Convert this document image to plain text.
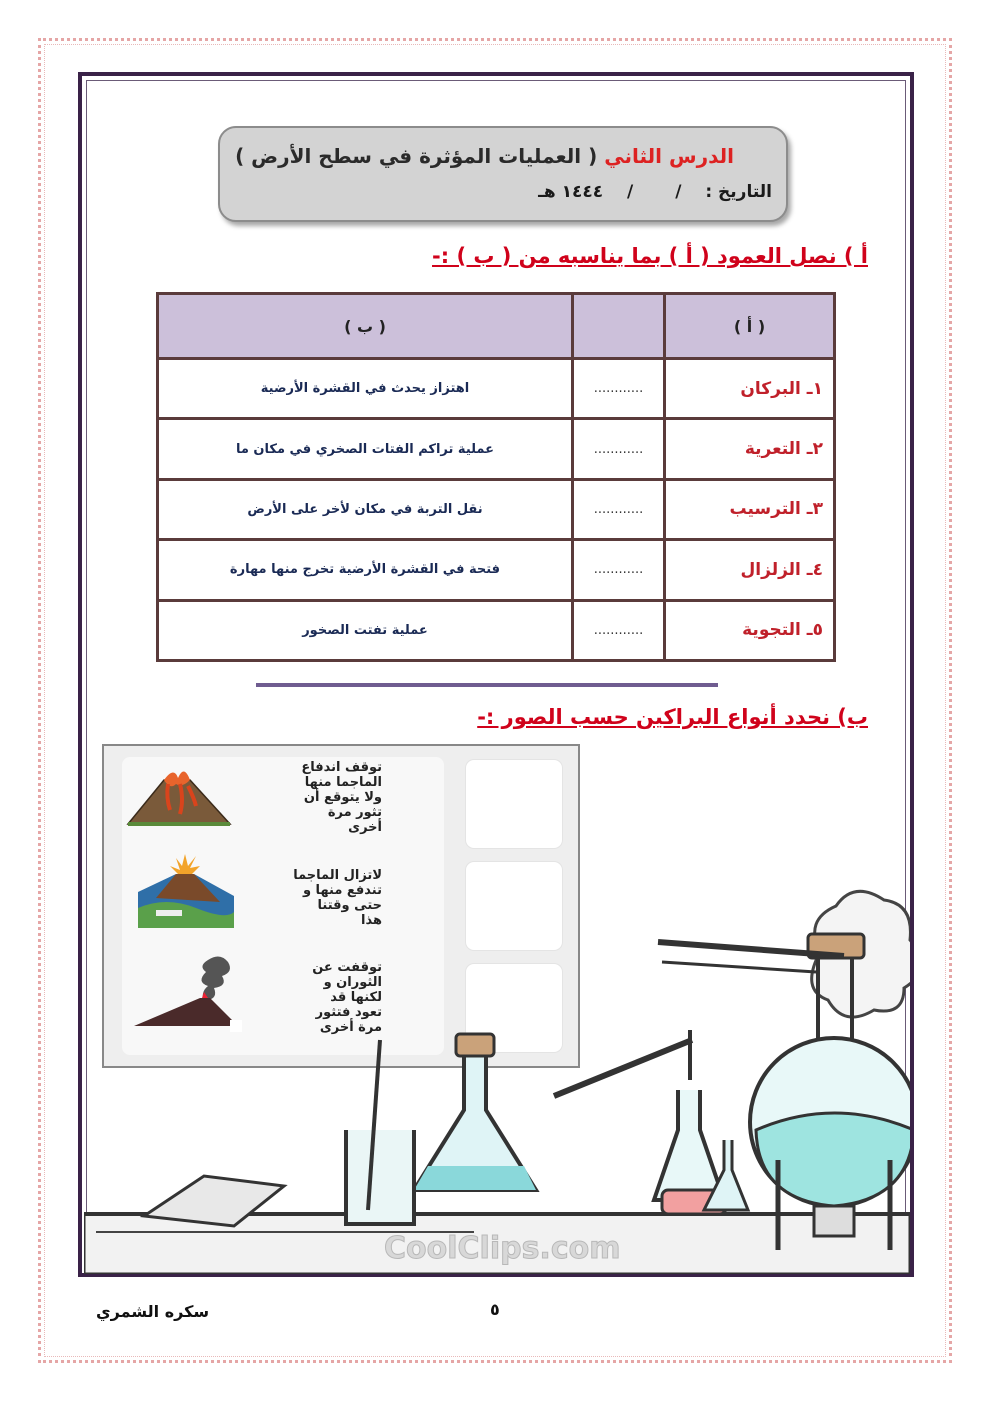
الدرس الثاني ( العمليات المؤثرة في سطح الأرض )
التاريخ : / / ١٤٤٤ هـ
أ ) نصل العمود ( أ ) بما يناسبه من ( ب ) :-
( أ )		( ب )
١ـ البركان	............	اهتزاز يحدث في القشرة الأرضية
٢ـ التعرية	............	عملية تراكم الفتات الصخري في مكان ما
٣ـ الترسيب	............	نقل التربة في مكان لأخر على الأرض
٤ـ الزلزال	............	فتحة في القشرة الأرضية تخرج منها مهارة
٥ـ التجوية	............	عملية تفتت الصخور
ب) نحدد أنواع البراكين حسب الصور :-
توقف اندفاع
الماجما منها
ولا يتوقع أن
تثور مرة
أخرى
لاتزال الماجما
تندفع منها و
حتى وقتنا
هذا
توقفت عن
الثوران و
لكنها قد
تعود فتثور
مرة أخرى
CoolClips.com
سكره الشمري	٥
